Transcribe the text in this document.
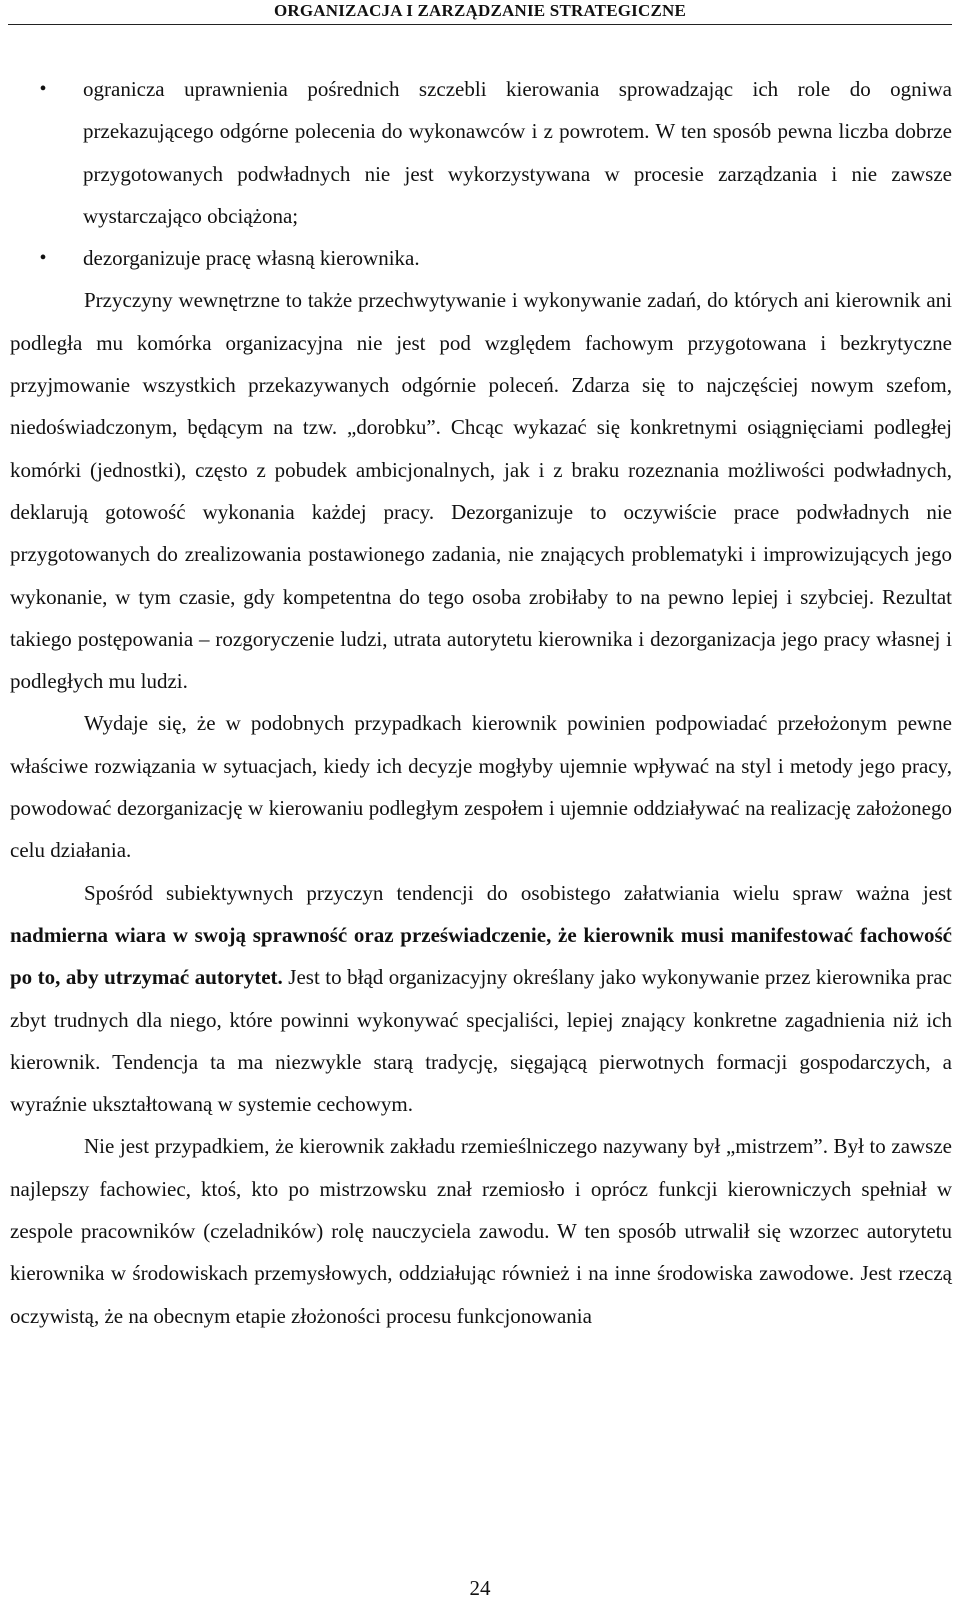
ORGANIZACJA I ZARZĄDZANIE STRATEGICZNE
• ogranicza uprawnienia pośrednich szczebli kierowania sprowadzając ich role do ogniwa przekazującego odgórne polecenia do wykonawców i z powrotem. W ten sposób pewna liczba dobrze przygotowanych podwładnych nie jest wykorzystywana w procesie zarządzania i nie zawsze wystarczająco obciążona;
• dezorganizuje pracę własną kierownika.

Przyczyny wewnętrzne to także przechwytywanie i wykonywanie zadań, do których ani kierownik ani podległa mu komórka organizacyjna nie jest pod względem fachowym przygotowana i bezkrytyczne przyjmowanie wszystkich przekazywanych odgórnie poleceń. Zdarza się to najczęściej nowym szefom, niedoświadczonym, będącym na tzw. „dorobku”. Chcąc wykazać się konkretnymi osiągnięciami podległej komórki (jednostki), często z pobudek ambicjonalnych, jak i z braku rozeznania możliwości podwładnych, deklarują gotowość wykonania każdej pracy. Dezorganizuje to oczywiście prace podwładnych nie przygotowanych do zrealizowania postawionego zadania, nie znających problematyki i improwizujących jego wykonanie, w tym czasie, gdy kompetentna do tego osoba zrobiłaby to na pewno lepiej i szybciej. Rezultat takiego postępowania – rozgoryczenie ludzi, utrata autorytetu kierownika i dezorganizacja jego pracy własnej i podległych mu ludzi.

Wydaje się, że w podobnych przypadkach kierownik powinien podpowiadać przełożonym pewne właściwe rozwiązania w sytuacjach, kiedy ich decyzje mogłyby ujemnie wpływać na styl i metody jego pracy, powodować dezorganizację w kierowaniu podległym zespołem i ujemnie oddziaływać na realizację założonego celu działania.

Spośród subiektywnych przyczyn tendencji do osobistego załatwiania wielu spraw ważna jest nadmierna wiara w swoją sprawność oraz przeświadczenie, że kierownik musi manifestować fachowość po to, aby utrzymać autorytet. Jest to błąd organizacyjny określany jako wykonywanie przez kierownika prac zbyt trudnych dla niego, które powinni wykonywać specjaliści, lepiej znający konkretne zagadnienia niż ich kierownik. Tendencja ta ma niezwykle starą tradycję, sięgającą pierwotnych formacji gospodarczych, a wyraźnie ukształtowaną w systemie cechowym.

Nie jest przypadkiem, że kierownik zakładu rzemieślniczego nazywany był „mistrzem”. Był to zawsze najlepszy fachowiec, ktoś, kto po mistrzowsku znał rzemiosło i oprócz funkcji kierowniczych spełniał w zespole pracowników (czeladników) rolę nauczyciela zawodu. W ten sposób utrwalił się wzorzec autorytetu kierownika w środowiskach przemysłowych, oddziałując również i na inne środowiska zawodowe. Jest rzeczą oczywistą, że na obecnym etapie złożoności procesu funkcjonowania

24
